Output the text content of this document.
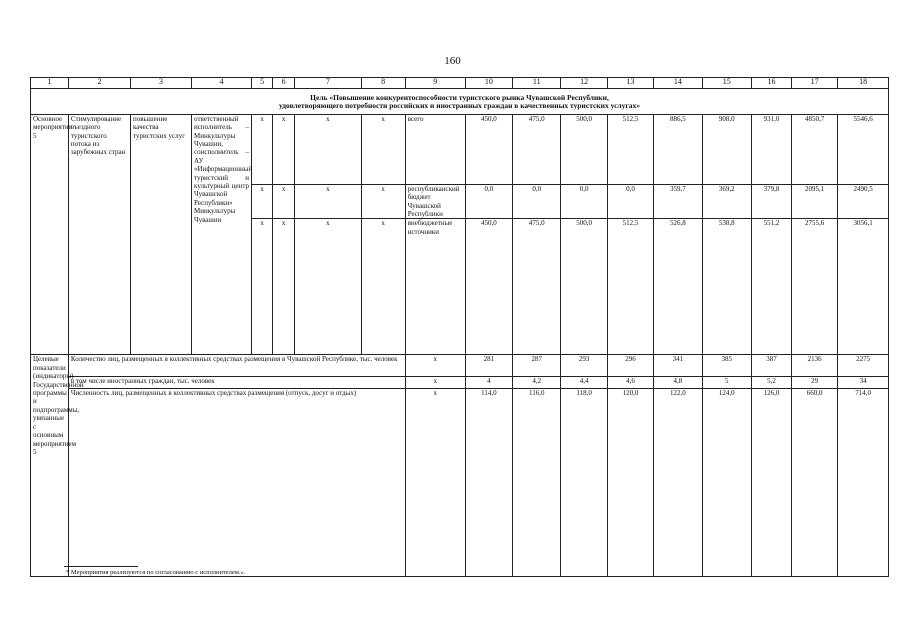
160
1	2	3	4	5	6	7	8	9	10	11	12	13	14	15	16	17	18

Цель «Повышение конкурентоспособности туристского рынка Чувашской Республики,
удовлетворяющего потребности российских и иностранных граждан в качественных туристских услугах»																	

Основное мероприятие 5	Стимулирование въездного туристского потока из зарубежных стран	повышение качества туристских услуг	ответственный исполнитель – Минкультуры Чувашии, соисполнитель – АУ «Информационный туристский и культурный центр Чувашской Республики» Минкультуры Чувашии	x	x	x	x	всего	450,0	475,0	500,0	512,5	886,5	908,0	931,0	4850,7	5546,6
				x	x	x	x	республиканский бюджет Чувашской Республики	0,0	0,0	0,0	0,0	359,7	369,2	379,8	2095,1	2490,5
				x	x	x	x	внебюджетные источники	450,0	475,0	500,0	512,5	526,8	538,8	551,2	2755,6	3056,1
Целевые показатели (индикаторы) Государственной программы и подпрограммы, увязанные с основным мероприятием 5	Количество лиц, размещенных в коллективных средствах размещения в Чувашской Республике, тыс. человек							x	281	287	293	296	341	385	387	2136	2275
	в том числе иностранных граждан, тыс. человек							x	4	4,2	4,4	4,6	4,8	5	5,2	29	34
	Численность лиц, размещенных в коллективных средствах размещения (отпуск, досуг и отдых)							x	114,0	116,0	118,0	120,0	122,0	124,0	126,0	660,0	714,0
* Мероприятия реализуются по согласованию с исполнителем.».
